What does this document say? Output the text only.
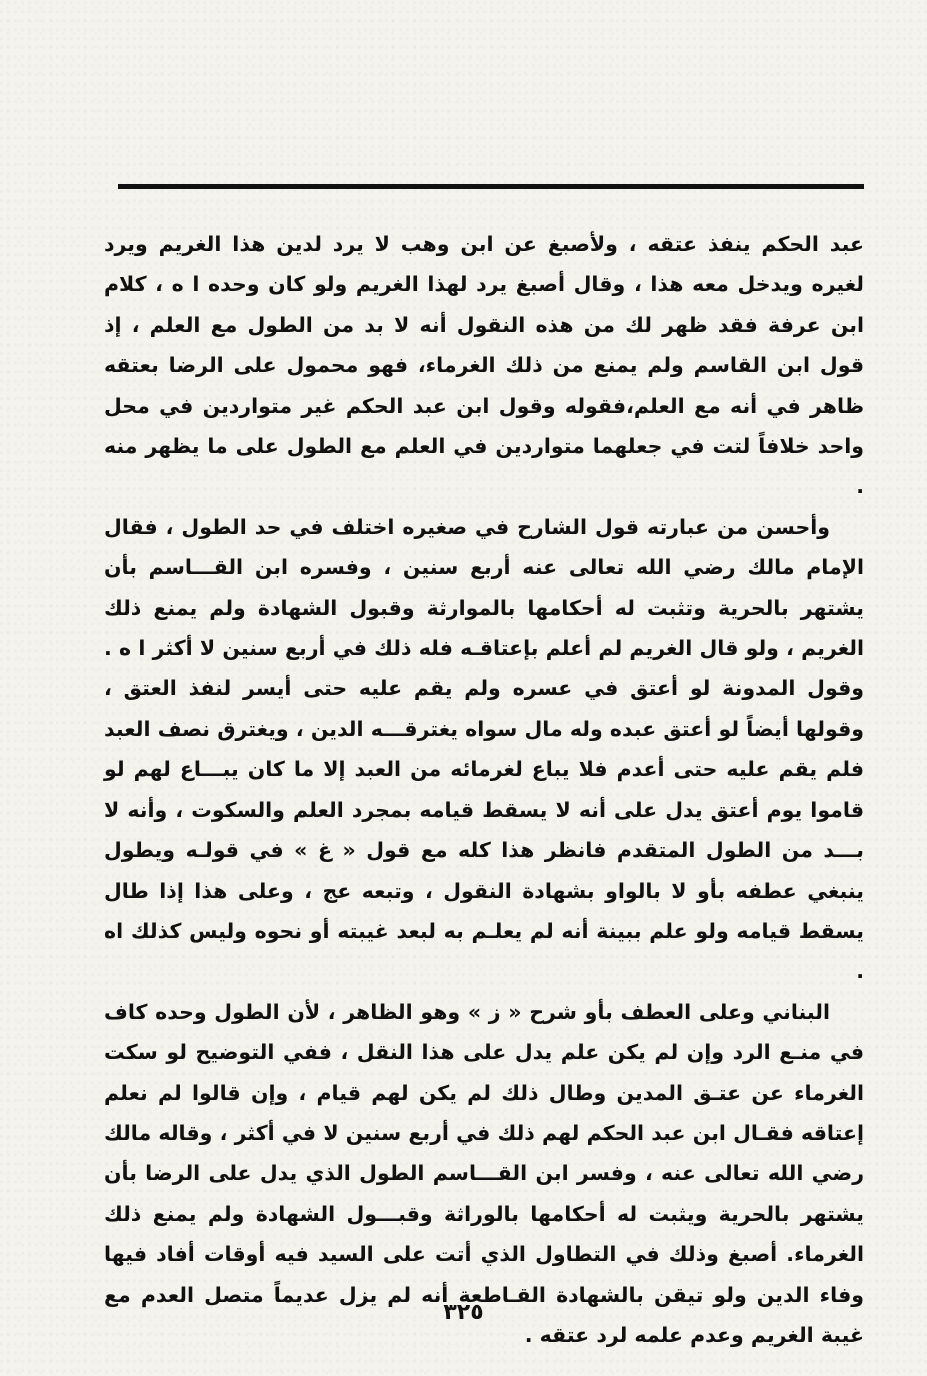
عبد الحكم ينفذ عتقه ، ولأصبغ عن ابن وهب لا يرد لدين هذا الغريم ويرد لغيره ويدخل معه هذا ، وقال أصبغ يرد لهذا الغريم ولو كان وحده ا ه ، كلام ابن عرفة فقد ظهر لك من هذه النقول أنه لا بد من الطول مع العلم ، إذ قول ابن القاسم ولم يمنع من ذلك الغرماء، فهو محمول على الرضا بعتقه ظاهر في أنه مع العلم،فقوله وقول ابن عبد الحكم غير متواردين في محل واحد خلافاً لتت في جعلهما متواردين في العلم مع الطول على ما يظهر منه .

وأحسن من عبارته قول الشارح في صغيره اختلف في حد الطول ، فقال الإمام مالك رضي الله تعالى عنه أربع سنين ، وفسره ابن القـــاسم بأن يشتهر بالحرية وتثبت له أحكامها بالموارثة وقبول الشهادة ولم يمنع ذلك الغريم ، ولو قال الغريم لم أعلم بإعتاقـه فله ذلك في أربع سنين لا أكثر ا ه . وقول المدونة لو أعتق في عسره ولم يقم عليه حتى أيسر لنفذ العتق ، وقولها أيضاً لو أعتق عبده وله مال سواه يغترقـــه الدين ، ويغترق نصف العبد فلم يقم عليه حتى أعدم فلا يباع لغرمائه من العبد إلا ما كان يبـــاع لهم لو قاموا يوم أعتق يدل على أنه لا يسقط قيامه بمجرد العلم والسكوت ، وأنه لا بـــد من الطول المتقدم فانظر هذا كله مع قول « غ » في قولـه ويطول ينبغي عطفه بأو لا بالواو بشهادة النقول ، وتبعه عج ، وعلى هذا إذا طال يسقط قيامه ولو علم ببينة أنه لم يعلـم به لبعد غيبته أو نحوه وليس كذلك اه .

البناني وعلى العطف بأو شرح « ز » وهو الظاهر ، لأن الطول وحده كاف في منـع الرد وإن لم يكن علم يدل على هذا النقل ، ففي التوضيح لو سكت الغرماء عن عتـق المدين وطال ذلك لم يكن لهم قيام ، وإن قالوا لم نعلم إعتاقه فقـال ابن عبد الحكم لهم ذلك في أربع سنين لا في أكثر ، وقاله مالك رضي الله تعالى عنه ، وفسر ابن القـــاسم الطول الذي يدل على الرضا بأن يشتهر بالحرية ويثبت له أحكامها بالوراثة وقبـــول الشهادة ولم يمنع ذلك الغرماء. أصبغ وذلك في التطاول الذي أتت على السيد فيه أوقات أفاد فيها وفاء الدين ولو تيقن بالشهادة القـاطعة أنه لم يزل عديماً متصل العدم مع غيبة الغريم وعدم علمه لرد عتقه .

٣٢٥
